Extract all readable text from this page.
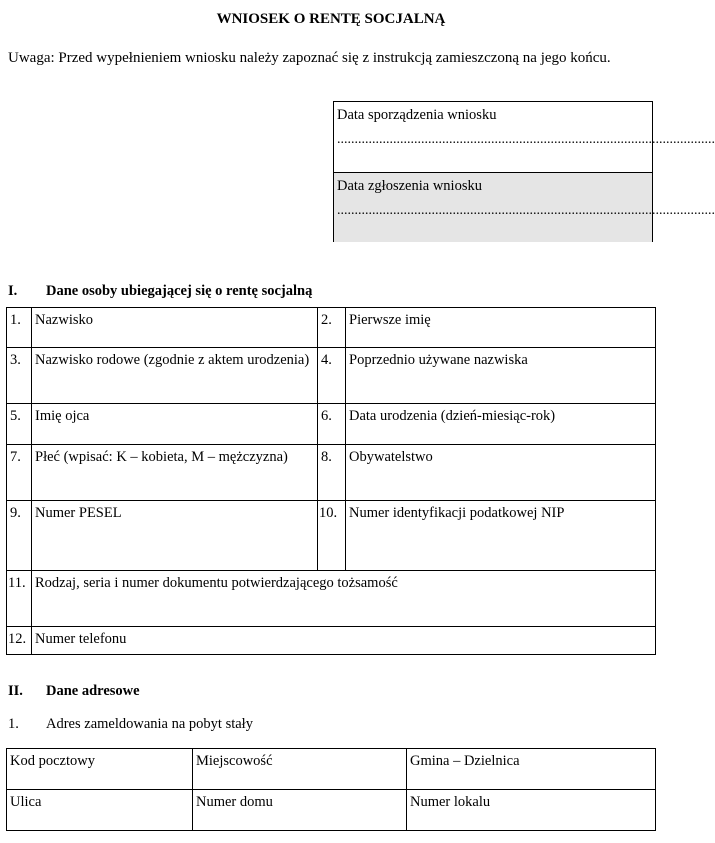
WNIOSEK O RENTĘ SOCJALNĄ
Uwaga: Przed wypełnieniem wniosku należy zapoznać się z instrukcją zamieszczoną na jego końcu.
Data sporządzenia wniosku
............................................................................................................
Data zgłoszenia wniosku
............................................................................................................
I. Dane osoby ubiegającej się o rentę socjalną
1.	Nazwisko	2.	Pierwsze imię
3.	Nazwisko rodowe (zgodnie z aktem urodzenia)	4.	Poprzednio używane nazwiska
5.	Imię ojca	6.	Data urodzenia (dzień-miesiąc-rok)
7.	Płeć (wpisać: K – kobieta, M – mężczyzna)	8.	Obywatelstwo
9.	Numer PESEL	10.	Numer identyfikacji podatkowej NIP
11.	Rodzaj, seria i numer dokumentu potwierdzającego tożsamość		
12.	Numer telefonu		
II. Dane adresowe
1. Adres zameldowania na pobyt stały
Kod pocztowy	Miejscowość	Gmina – Dzielnica
Ulica	Numer domu	Numer lokalu
